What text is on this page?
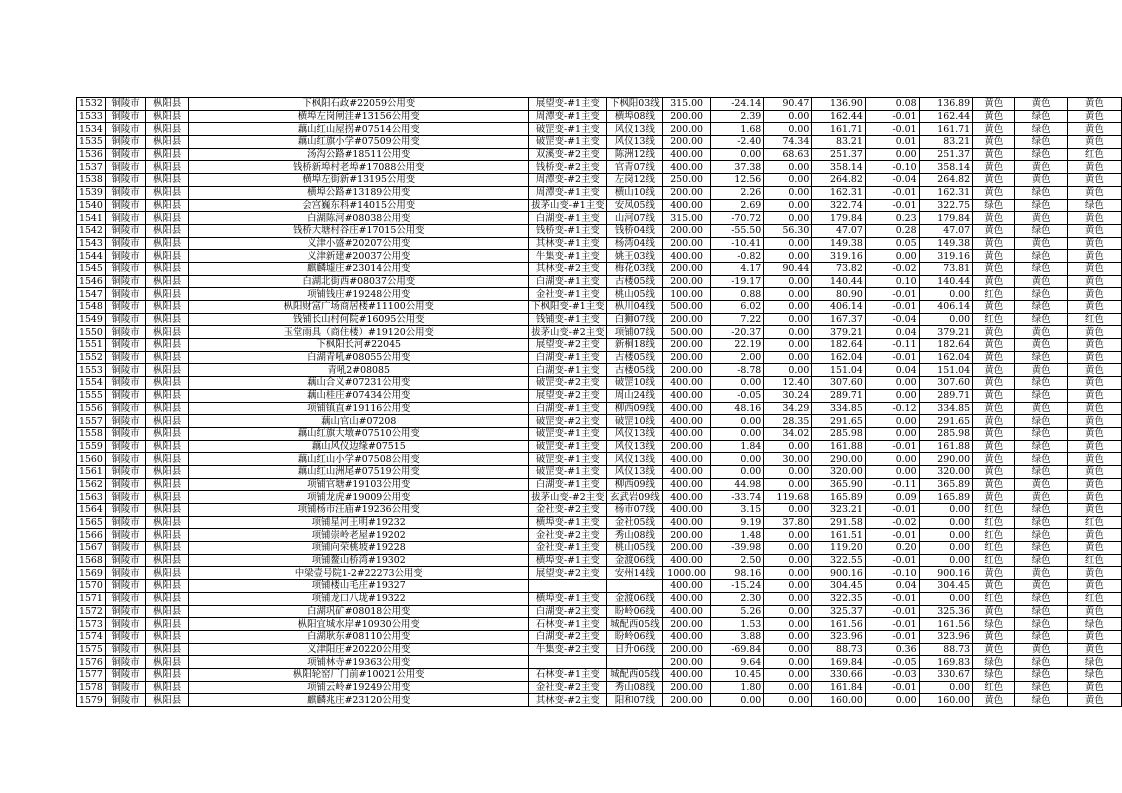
1532	铜陵市	枞阳县	下枫阳石政#22059公用变	展望变-#1主变	下枫阳03线	315.00	-24.14	90.47	136.90	0.08	136.89	黄色	黄色	黄色
1533	铜陵市	枞阳县	横埠左岗闸洼#13156公用变	周潭变-#1主变	横埠08线	200.00	2.39	0.00	162.44	-0.01	162.44	黄色	绿色	黄色
1534	铜陵市	枞阳县	藕山红山屋拐#07514公用变	破罡变-#1主变	风仪13线	200.00	1.68	0.00	161.71	-0.01	161.71	黄色	绿色	黄色
1535	铜陵市	枞阳县	藕山红旗小学#07509公用变	破罡变-#1主变	风仪13线	200.00	-2.40	74.34	83.21	0.01	83.21	黄色	绿色	黄色
1536	铜陵市	枞阳县	汤沟公路#18511公用变	双溪变-#2主变	陈洲12线	400.00	0.00	68.63	251.37	0.00	251.37	黄色	绿色	红色
1537	铜陵市	枞阳县	钱桥新埠村老埠#17088公用变	钱桥变-#2主变	官青07线	400.00	37.38	0.00	358.14	-0.10	358.14	黄色	黄色	黄色
1538	铜陵市	枞阳县	横埠左街新#13195公用变	周潭变-#2主变	左岗12线	250.00	12.56	0.00	264.82	-0.04	264.82	黄色	黄色	黄色
1539	铜陵市	枞阳县	横埠公路#13189公用变	周潭变-#1主变	横山10线	200.00	2.26	0.00	162.31	-0.01	162.31	黄色	绿色	黄色
1540	铜陵市	枞阳县	会宫巍东科#14015公用变	拔茅山变-#1主变	安凤05线	400.00	2.69	0.00	322.74	-0.01	322.75	绿色	绿色	绿色
1541	铜陵市	枞阳县	白湖陈河#08038公用变	白湖变-#1主变	山河07线	315.00	-70.72	0.00	179.84	0.23	179.84	黄色	黄色	黄色
1542	铜陵市	枞阳县	钱桥大塘村谷庄#17015公用变	钱桥变-#1主变	钱桥04线	200.00	-55.50	56.30	47.07	0.28	47.07	黄色	绿色	黄色
1543	铜陵市	枞阳县	义津小盛#20207公用变	其林变-#1主变	杨湾04线	200.00	-10.41	0.00	149.38	0.05	149.38	黄色	黄色	黄色
1544	铜陵市	枞阳县	义津新建#20037公用变	牛集变-#1主变	姚王03线	400.00	-0.82	0.00	319.16	0.00	319.16	黄色	绿色	黄色
1545	铜陵市	枞阳县	麒麟墟庄#23014公用变	其林变-#2主变	梅花03线	200.00	4.17	90.44	73.82	-0.02	73.81	黄色	绿色	黄色
1546	铜陵市	枞阳县	白湖北街西#08037公用变	白湖变-#1主变	古楼05线	200.00	-19.17	0.00	140.44	0.10	140.44	黄色	黄色	黄色
1547	铜陵市	枞阳县	项铺钱庄#19248公用变	金社变-#1主变	桃山05线	100.00	0.88	0.00	80.90	-0.01	0.00	红色	绿色	黄色
1548	铜陵市	枞阳县	枞阳财富广场商居楼#11100公用变	下枫阳变-#1主变	枞川04线	500.00	6.02	0.00	406.14	-0.01	406.14	黄色	绿色	黄色
1549	铜陵市	枞阳县	钱铺长山村何院#16095公用变	钱铺变-#1主变	白狮07线	200.00	7.22	0.00	167.37	-0.04	0.00	红色	绿色	红色
1550	铜陵市	枞阳县	玉堂雨具（商住楼）#19120公用变	拔茅山变-#2主变	项铺07线	500.00	-20.37	0.00	379.21	0.04	379.21	黄色	黄色	黄色
1551	铜陵市	枞阳县	下枫阳长河#22045	展望变-#2主变	新桐18线	200.00	22.19	0.00	182.64	-0.11	182.64	黄色	黄色	黄色
1552	铜陵市	枞阳县	白湖青吼#08055公用变	白湖变-#1主变	古楼05线	200.00	2.00	0.00	162.04	-0.01	162.04	黄色	绿色	黄色
1553	铜陵市	枞阳县	青吼2#08085	白湖变-#1主变	古楼05线	200.00	-8.78	0.00	151.04	0.04	151.04	黄色	黄色	黄色
1554	铜陵市	枞阳县	藕山合义#07231公用变	破罡变-#2主变	破罡10线	400.00	0.00	12.40	307.60	0.00	307.60	黄色	绿色	黄色
1555	铜陵市	枞阳县	藕山桂庄#07434公用变	展望变-#2主变	周山24线	400.00	-0.05	30.24	289.71	0.00	289.71	黄色	绿色	黄色
1556	铜陵市	枞阳县	项铺镇直#19116公用变	白湖变-#1主变	柳西09线	400.00	48.16	34.29	334.85	-0.12	334.85	黄色	黄色	黄色
1557	铜陵市	枞阳县	藕山官山#07208	破罡变-#2主变	破罡10线	400.00	0.00	28.35	291.65	0.00	291.65	黄色	绿色	黄色
1558	铜陵市	枞阳县	藕山红旗大墩#07510公用变	破罡变-#1主变	风仪13线	400.00	0.00	34.02	285.98	0.00	285.98	黄色	绿色	黄色
1559	铜陵市	枞阳县	藕山风仪边缘#07515	破罡变-#1主变	风仪13线	200.00	1.84	0.00	161.88	-0.01	161.88	黄色	绿色	黄色
1560	铜陵市	枞阳县	藕山红山小学#07508公用变	破罡变-#1主变	风仪13线	400.00	0.00	30.00	290.00	0.00	290.00	黄色	绿色	黄色
1561	铜陵市	枞阳县	藕山红山洲尾#07519公用变	破罡变-#1主变	风仪13线	400.00	0.00	0.00	320.00	0.00	320.00	黄色	绿色	黄色
1562	铜陵市	枞阳县	项铺官塘#19103公用变	白湖变-#1主变	柳西09线	400.00	44.98	0.00	365.90	-0.11	365.89	黄色	黄色	黄色
1563	铜陵市	枞阳县	项铺龙虎#19009公用变	拔茅山变-#2主变	玄武岩09线	400.00	-33.74	119.68	165.89	0.09	165.89	黄色	黄色	黄色
1564	铜陵市	枞阳县	项铺杨市汪庙#19236公用变	金社变-#2主变	杨市07线	400.00	3.15	0.00	323.21	-0.01	0.00	红色	绿色	黄色
1565	铜陵市	枞阳县	项铺星河王明#19232	横埠变-#1主变	金社05线	400.00	9.19	37.80	291.58	-0.02	0.00	红色	绿色	红色
1566	铜陵市	枞阳县	项铺崇岭老屋#19202	金社变-#2主变	秀山08线	200.00	1.48	0.00	161.51	-0.01	0.00	红色	绿色	黄色
1567	铜陵市	枞阳县	项铺向荣桃坡#19228	金社变-#1主变	桃山05线	200.00	-39.98	0.00	119.20	0.20	0.00	红色	绿色	黄色
1568	铜陵市	枞阳县	项铺鳌山桥湾#19302	横埠变-#1主变	金渡06线	400.00	2.50	0.00	322.55	-0.01	0.00	红色	绿色	红色
1569	铜陵市	枞阳县	中梁壹号院1-2#22273公用变	展望变-#2主变	安州14线	1000.00	98.16	0.00	900.16	-0.10	900.16	黄色	黄色	黄色
1570	铜陵市	枞阳县	项铺楼山毛庄#19327			400.00	-15.24	0.00	304.45	0.04	304.45	黄色	黄色	黄色
1571	铜陵市	枞阳县	项铺龙口八垅#19322	横埠变-#1主变	金渡06线	400.00	2.30	0.00	322.35	-0.01	0.00	红色	绿色	红色
1572	铜陵市	枞阳县	白湖巩矿#08018公用变	白湖变-#2主变	盼岭06线	400.00	5.26	0.00	325.37	-0.01	325.36	黄色	绿色	黄色
1573	铜陵市	枞阳县	枞阳宜城水岸#10930公用变	石林变-#1主变	城配西05线	200.00	1.53	0.00	161.56	-0.01	161.56	绿色	绿色	绿色
1574	铜陵市	枞阳县	白湖耿东#08110公用变	白湖变-#2主变	盼岭06线	400.00	3.88	0.00	323.96	-0.01	323.96	黄色	绿色	黄色
1575	铜陵市	枞阳县	义津阳庄#20220公用变	牛集变-#2主变	日升06线	200.00	-69.84	0.00	88.73	0.36	88.73	黄色	黄色	黄色
1576	铜陵市	枞阳县	项铺林寺#19363公用变			200.00	9.64	0.00	169.84	-0.05	169.83	绿色	绿色	绿色
1577	铜陵市	枞阳县	枞阳轮窑厂门前#10021公用变	石林变-#1主变	城配西05线	400.00	10.45	0.00	330.66	-0.03	330.67	绿色	绿色	绿色
1578	铜陵市	枞阳县	项铺云岭#19249公用变	金社变-#2主变	秀山08线	200.00	1.80	0.00	161.84	-0.01	0.00	红色	绿色	黄色
1579	铜陵市	枞阳县	麒麟兆庄#23120公用变	其林变-#2主变	阳和07线	200.00	0.00	0.00	160.00	0.00	160.00	黄色	绿色	黄色
